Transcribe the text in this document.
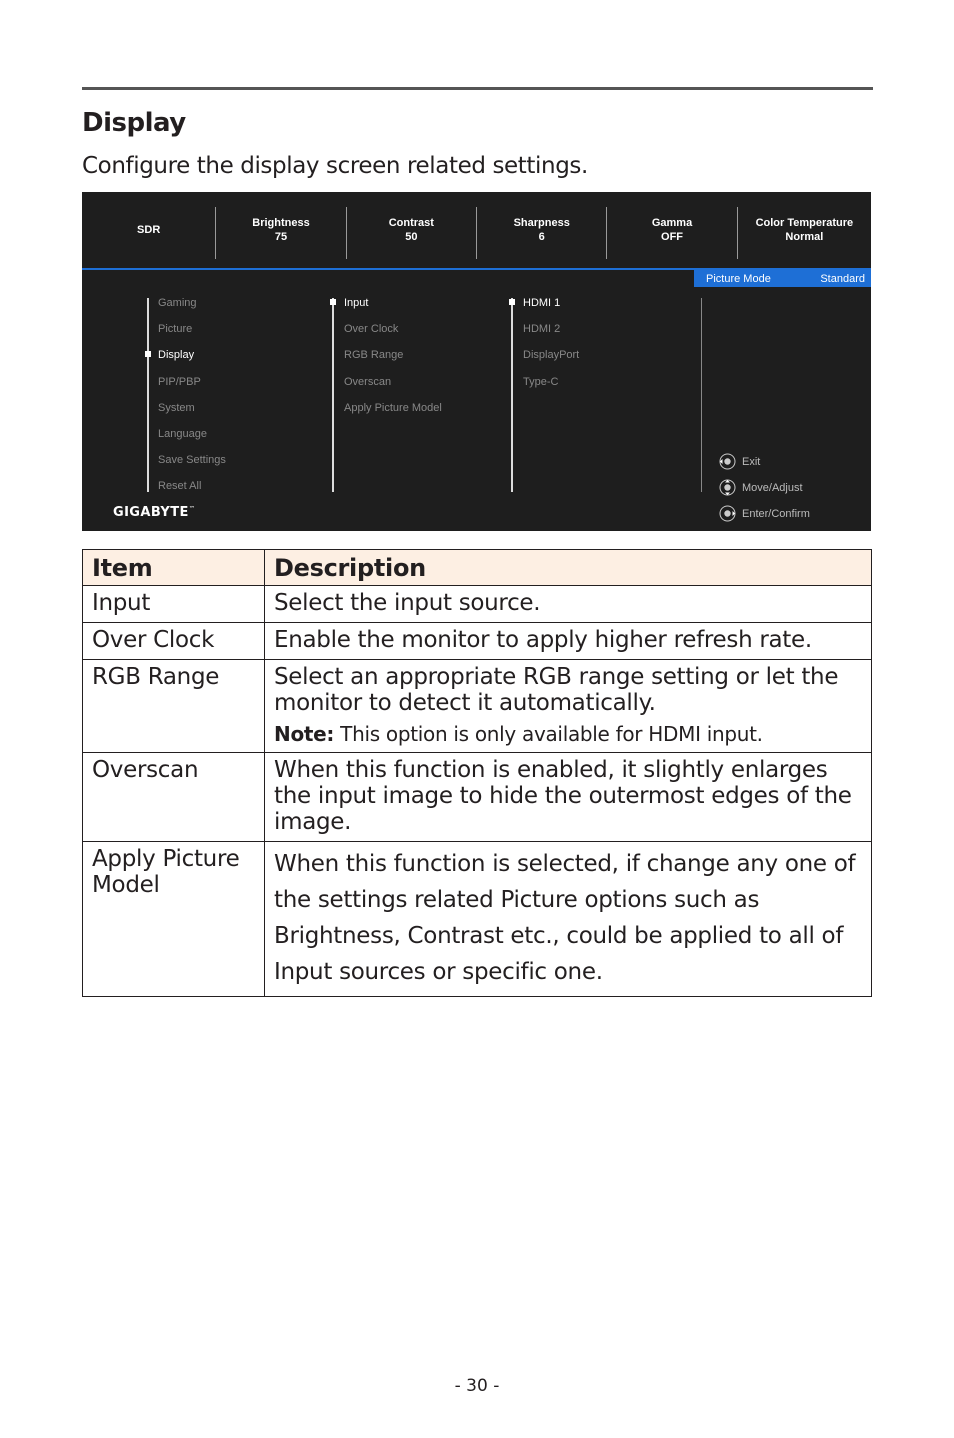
Display
Configure the display screen related settings.
SDR
Brightness
75
Contrast
50
Sharpness
6
Gamma
OFF
Color Temperature
Normal
Picture Mode	Standard
Gaming
Picture
Display
PIP/PBP
System
Language
Save Settings
Reset All
Input
Over Clock
RGB Range
Overscan
Apply Picture Model
HDMI 1
HDMI 2
DisplayPort
Type-C
Exit
Move/Adjust
Enter/Confirm
GIGABYTE™
Item	Description
Input	Select the input source.
Over Clock	Enable the monitor to apply higher refresh rate.
RGB Range	Select an appropriate RGB range setting or let the monitor to detect it automatically.
Note: This option is only available for HDMI input.

Overscan	When this function is enabled, it slightly enlarges the input image to hide the outermost edges of the image.
Apply Picture Model	When this function is selected, if change any one of the settings related Picture options such as Brightness, Contrast etc., could be applied to all of Input sources or specific one.
- 30 -
